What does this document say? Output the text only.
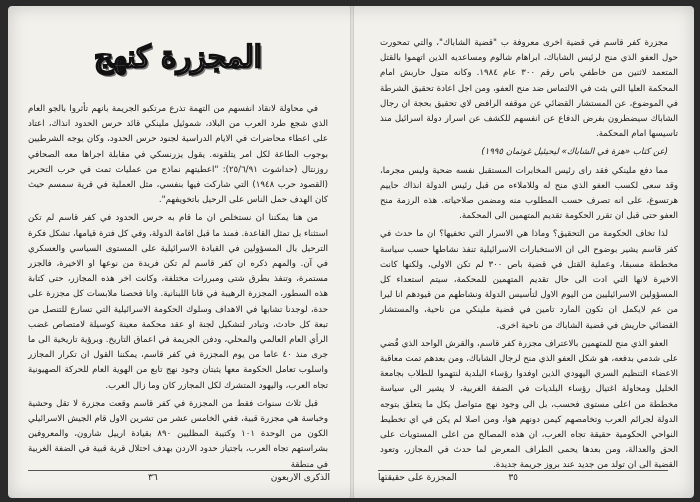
المجزرة كنهج

في محاولة لانقاذ انفسهم من التهمة تذرع مرتكبو الجريمة بانهم تأثروا بالجو العام الذي شجع طرد العرب من البلاد، شموئيل ملينكي قائد حرس الحدود انذاك، اعتاد على اعطاء محاضرات في الايام الدراسية لجنود حرس الحدود، وكان يوجه الشرطيين بوجوب الطاعة لكل امر يتلقونه. يقول يزرنسكي في مقابلة اجراها معه الصحافي روزنتال (حداشوت ٢٥/٦/٩١): "اعطيتهم نماذج من عمليات تمت في حرب التحرير (القصود حرب ١٩٤٨) التي شاركت فيها بنفسي، مثل العملية في قرية سمسم حيث كان الهدف حمل الناس على الرحيل باتخويفهم".

من هنا يمكننا ان نستخلص ان ما قام به حرس الحدود في كفر قاسم لم تكن استثناء بل تمثل القاعدة. فمنذ ما قبل اقامة الدولة، وفي كل فترة قيامها، تشكل فكرة الترحيل بال المسؤولين في القيادة الاسرائيلية على المستوى السياسي والعسكري في آن. والمهم ذكره ان كفر قاسم لم تكن فريدة من نوعها او الاخيرة، فالجزر مستمرة، وتنفذ بطرق شتى ومبررات مختلفة، وكانت اخر هذه المجازر، حتى كتابة هذه السطور، المجزرة الرهيبة في قانا اللبنانية. وانا فحصنا ملابسات كل مجزرة على حدة، لوجدنا تشابها في الاهداف وسلوك الحكومة الاسرائيلية التي تسارع للتنصل من تبعة كل حادث، وتبادر لتشكيل لجنة او عقد محكمة معينة كوسيلة لامتصاص غضب الرأي العام العالمي والمحلي، ودفن الجريمة في اعماق التاريخ. وبرؤية تاريخية الى ما جرى منذ ٤٠ عاما من يوم المجزرة في كفر قاسم، يمكننا القول ان تكرار المجازر واسلوب تعامل الحكومة معها يثبتان وجود نهج تابع من الهوية العام للحركة الصهيونية تجاه العرب، واليهود المتشرك لكل المجازر كان وما زال العرب.

قبل ثلاث سنوات فقط من المجزرة في كفر قاسم وقعت مجزرة لا تقل وحشية وخباسة هي مجزرة قبية، ففي الخامس عشر من تشرين الاول قام الجيش الاسرائيلي الكون من الوحدة ١٠١ وكتيبة المظليين ٨٩٠ بقيادة ارييل شارون، والمعروفين بشراستهم تجاه العرب، باجتياز حدود الاردن بهدف احتلال قرية قبية في الضفة الغربية في منطقة

٣٦	الذكرى الاربعون

مجزرة كفر قاسم في قضية اخرى معروفة ب "قضية الشاباك"، والتي تمحورت حول العفو الذي منح لرئيس الشاباك، ابراهام شالوم ومساعديه الذين اتهموا بالقتل المتعمد لاثنين من خاطفي باص رقم ٣٠٠ عام ١٩٨٤. وكانه متول حاربش امام المحكمة العليا التي بثت في الالتماس ضد منح العفو، ومن اجل اعادة تحقيق الشرطة في الموضوع، عن المستشار القضائي عن موقفه الرافض لاي تحقيق بحجة ان رجال الشاباك سيضطرون بفرض الدفاع عن انفسهم للكشف عن اسرار دولة اسرائيل منذ تاسيسها امام المحكمة.

(عن كتاب «هزة في الشاباك» ليحيئيل غوتمان ١٩٩٥)

مما دفع ملينكي فقد راى رئيس المخابرات المستقبل نفسه ضحية وليس مجرما، وقد سعى لكسب العفو الذي منح له وللاملاءه من قبل رئيس الدولة انذاك حاييم هرتسوغ، على انه تصرف حسب المطلوب منه ومضمن صلاحياته. هذه الرزمة منح العفو حتى قبل ان تقرر الحكومة تقديم المتهمين الى المحكمة.

لذا تخاف الحكومة من التحقيق؟ وماذا هي الاسرار التي تخفيها؟ ان ما حدث في كفر قاسم يشير بوضوح الى ان الاستخبارات الاسرائيلية تنفذ نشاطها حسب سياسة مخططة مسبقا، وعملية القتل في قضية باص ٣٠٠ لم تكن الاولى، ولكنها كانت الاخيرة لانها التي ادت الى حال تقديم المتهمين للمحكمة، سيتم استعداء كل المسؤولين الاسرائيليين من اليوم الاول لتأسيس الدولة ونشاطهم من قيودهم انا ليرا من عم لايكمل ان تكون المارد تامين في قضية ملينكي من ناحية، والمستشار القضائي حاريش في قضية الشاباك من ناحية اخرى.

العفو الذي منح للمتهمين بالاعتراف مجزرة كفر قاسم، والقرش الواحد الذي قُضي على شدمي بدفعه، هو شكل العفو الذي منح لرجال الشاباك، ومن بعدهم تمت معاقبة الاعضاء التنظيم السري اليهودي الذين اوفدوا رؤساء البلدية لنتهموا للطلاب بجامعة الخليل ومحاولة اغتيال رؤساء البلديات في الضفة الغربية، لا يشير الى سياسة مخططة من اعلى مستوى فحسب، بل الى وجود نهج متواصل يكل ما يتعلق بتوجه الدولة لجرائم العرب وتخامصهم كيمن دونهم هوا، ومن اصلا لم يكن في اي تخطيط النواحي الحكومية حقيقة تجاه العرب، ان هذه المصالح من اعلى المستويات على الحق والعدالة، ومن بعدها يحمى الطراف المعرض لما حدث في المجازر، وتعود القضية الى ان تولد من جديد عند بروز جريمة جديدة.

المجزرة على حقيقتها	٣٥
